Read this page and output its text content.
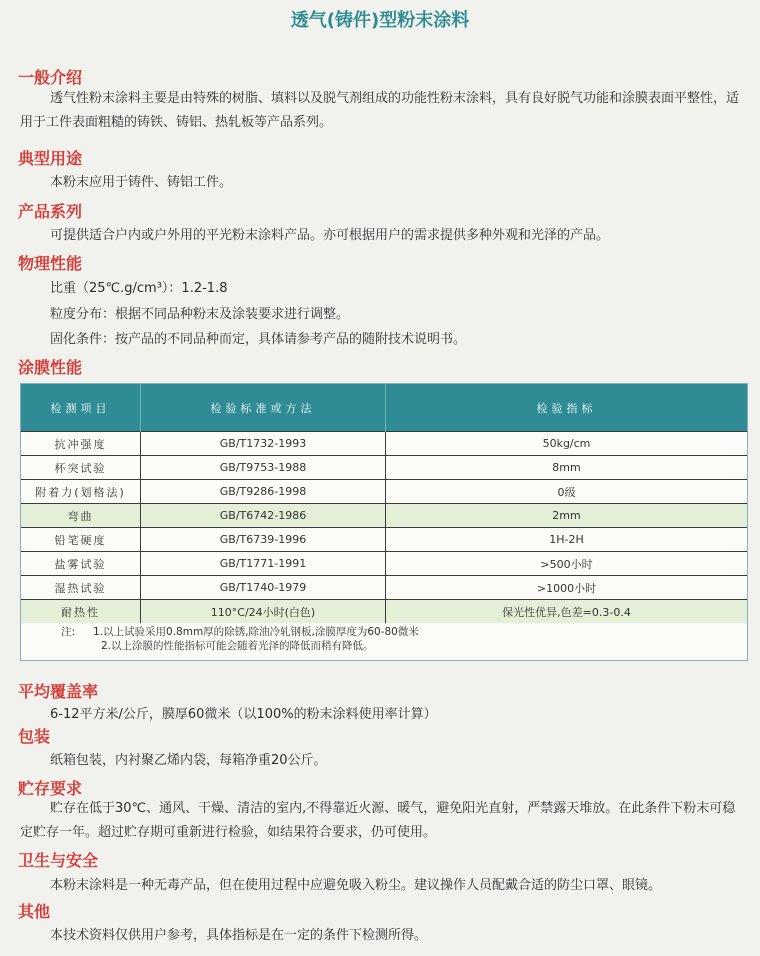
透气(铸件)型粉末涂料
一般介绍
透气性粉末涂料主要是由特殊的树脂、填料以及脱气剂组成的功能性粉末涂料，具有良好脱气功能和涂膜表面平整性，适用于工件表面粗糙的铸铁、铸铝、热轧板等产品系列。
典型用途
本粉末应用于铸件、铸铝工件。
产品系列
可提供适合户内或户外用的平光粉末涂料产品。亦可根据用户的需求提供多种外观和光泽的产品。
物理性能
比重（25℃.g/cm³）：1.2-1.8
粒度分布：根据不同品种粉末及涂装要求进行调整。
固化条件：按产品的不同品种而定，具体请参考产品的随附技术说明书。
涂膜性能
检测项目	检验标准或方法	检验指标
抗冲强度	GB/T1732-1993	50kg/cm
杯突试验	GB/T9753-1988	8mm
附着力(划格法)	GB/T9286-1998	0级
弯曲	GB/T6742-1986	2mm
铅笔硬度	GB/T6739-1996	1H-2H
盐雾试验	GB/T1771-1991	>500小时
湿热试验	GB/T1740-1979	>1000小时
耐热性	110°C/24小时(白色)	保光性优异,色差=0.3-0.4
注: 1.以上试验采用0.8mm厚的除锈,除油冷轧钢板,涂膜厚度为60-80微米
2.以上涂膜的性能指标可能会随着光泽的降低而稍有降低。
平均覆盖率
6-12平方米/公斤，膜厚60微米（以100%的粉末涂料使用率计算）
包装
纸箱包装，内衬聚乙烯内袋，每箱净重20公斤。
贮存要求
贮存在低于30℃、通风、干燥、清洁的室内,不得靠近火源、暖气，避免阳光直射，严禁露天堆放。在此条件下粉末可稳定贮存一年。超过贮存期可重新进行检验，如结果符合要求，仍可使用。
卫生与安全
本粉末涂料是一种无毒产品，但在使用过程中应避免吸入粉尘。建议操作人员配戴合适的防尘口罩、眼镜。
其他
本技术资料仅供用户参考，具体指标是在一定的条件下检测所得。
